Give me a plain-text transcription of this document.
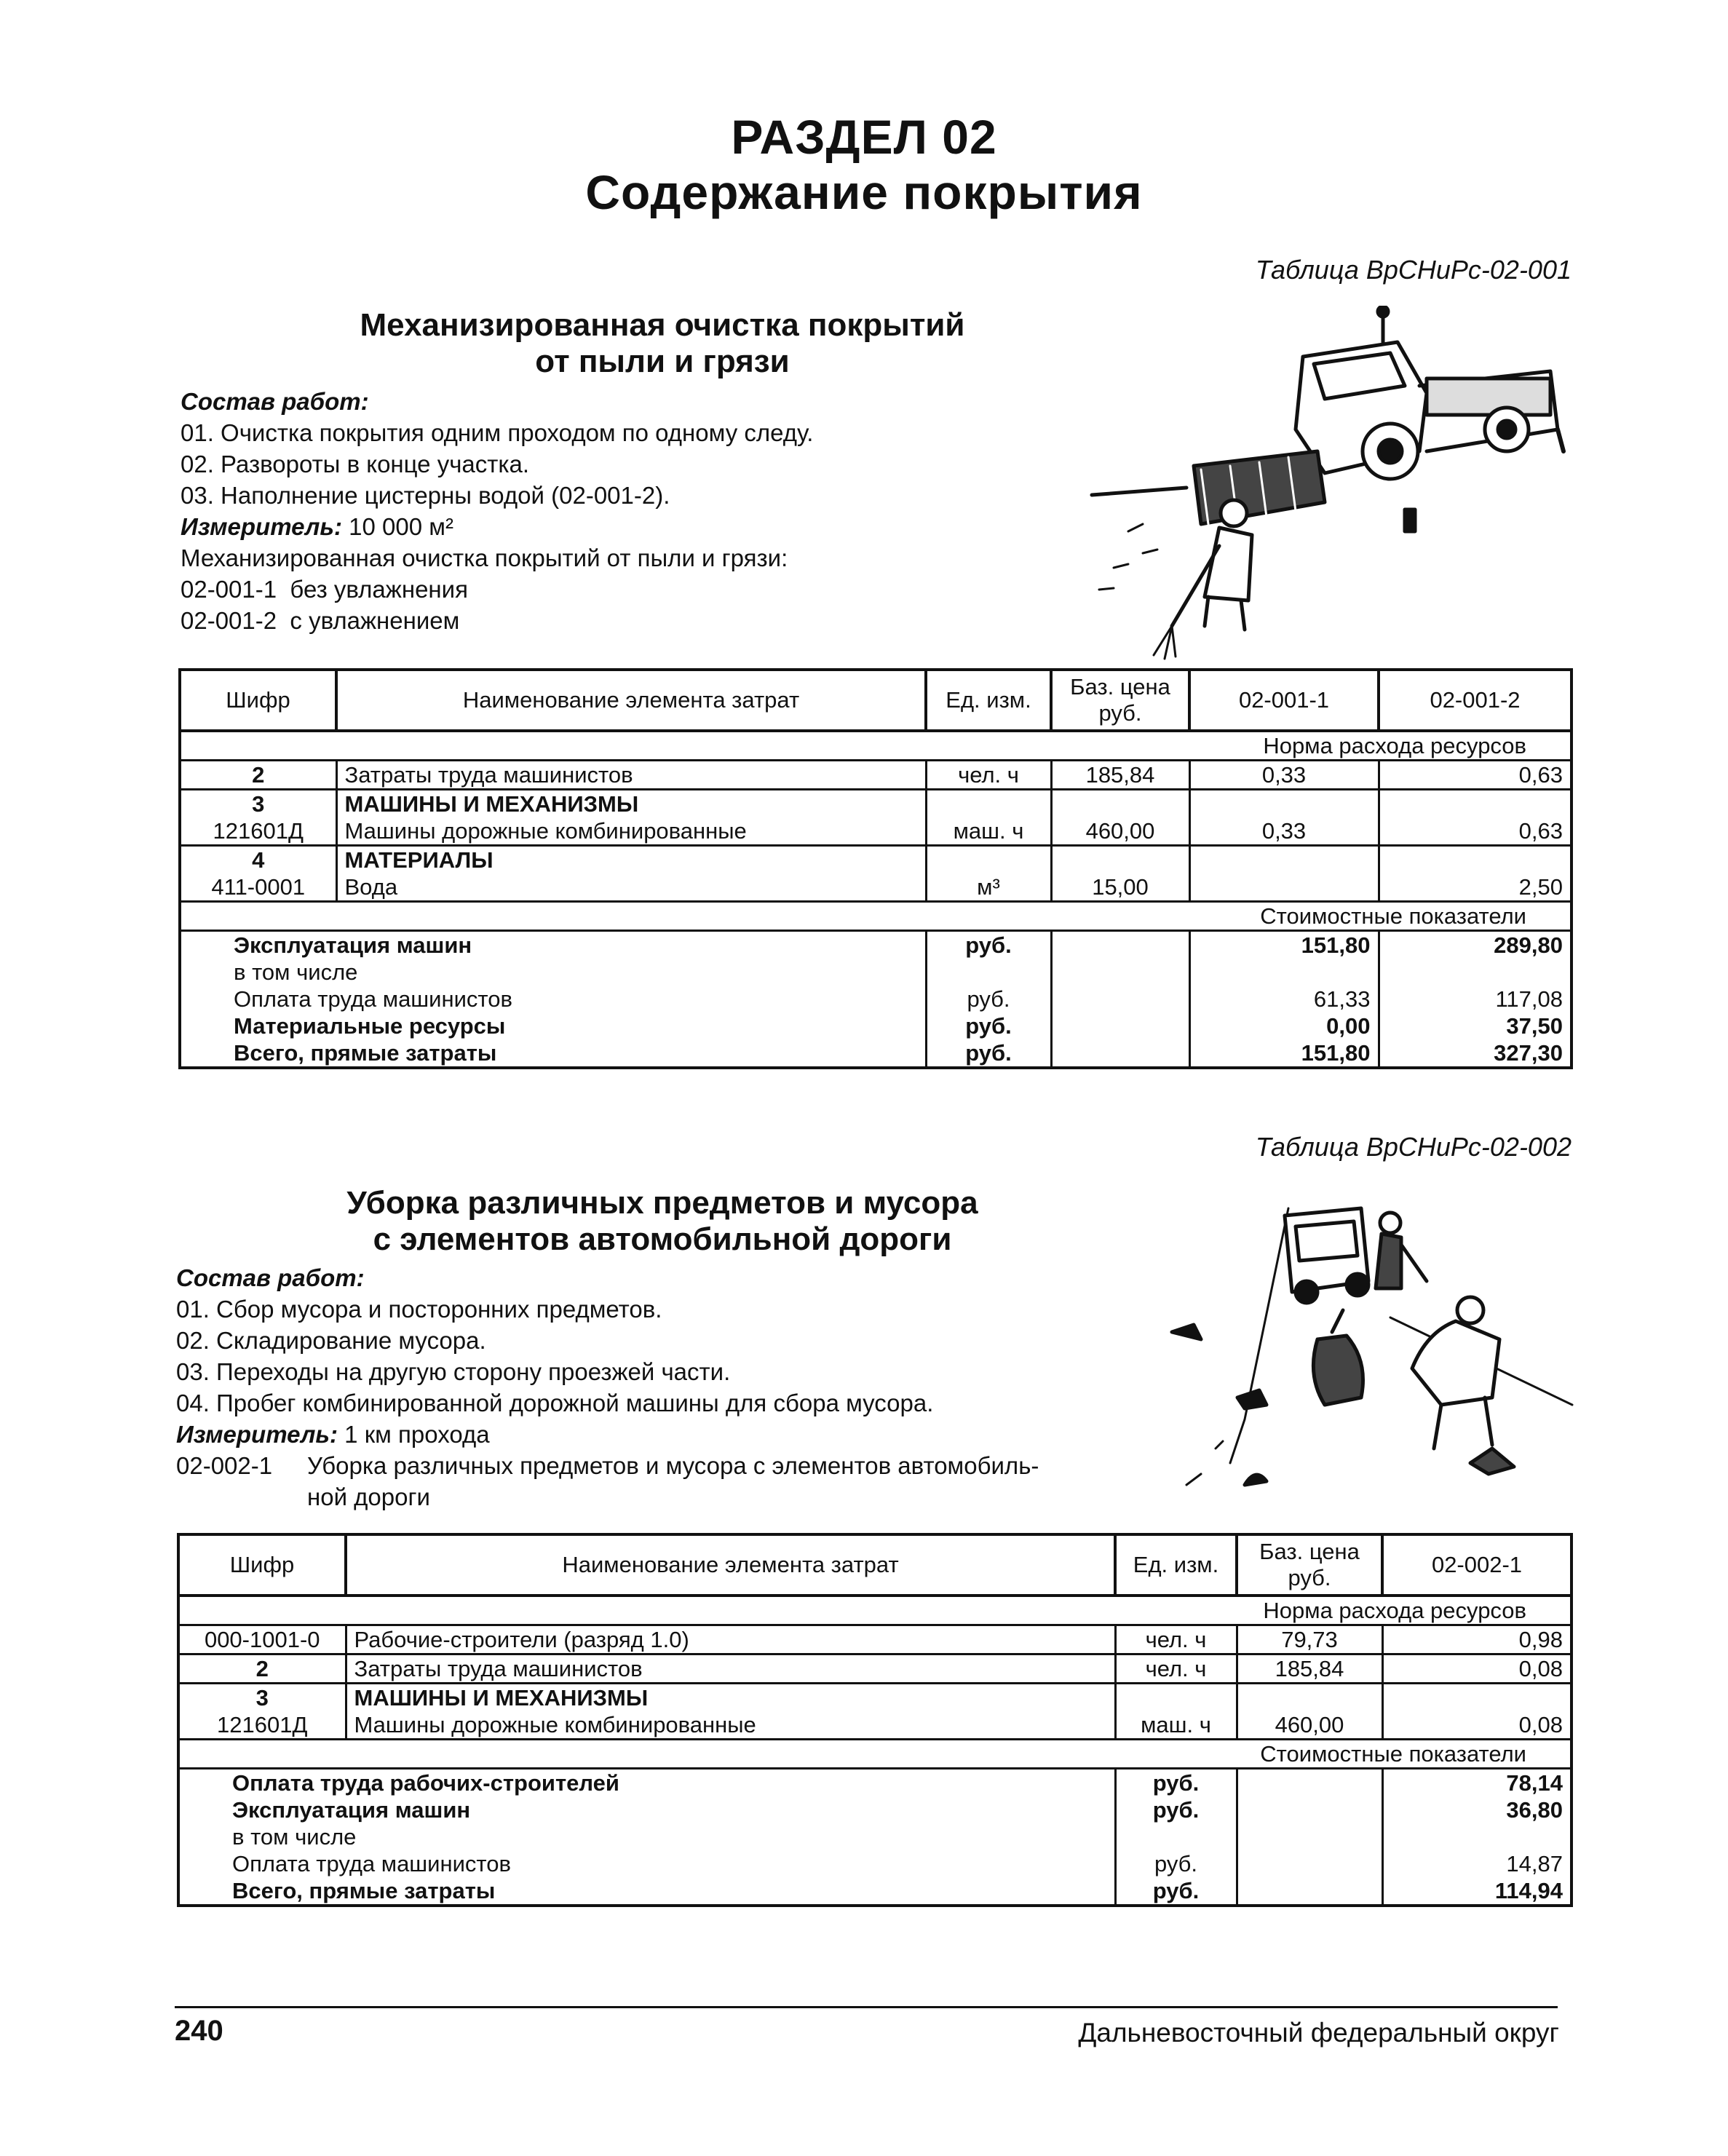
РАЗДЕЛ 02
Содержание покрытия
Таблица ВрСНиРс-02-001
Механизированная очистка покрытий
от пыли и грязи
Состав работ:
01. Очистка покрытия одним проходом по одному следу.
02. Развороты в конце участка.
03. Наполнение цистерны водой (02-001-2).
Измеритель: 10 000 м²
Механизированная очистка покрытий от пыли и грязи:
02-001-1  без увлажнения
02-001-2  с увлажнением
Шифр	Наименование элемента затрат	Ед. изм.	Баз. цена руб.	02-001-1	02-001-2
Норма расхода ресурсов					
2	Затраты труда машинистов	чел. ч	185,84	0,33	0,63
3	МАШИНЫ И МЕХАНИЗМЫ				
121601Д	Машины дорожные комбинированные	маш. ч	460,00	0,33	0,63
4	МАТЕРИАЛЫ				
411-0001	Вода	м³	15,00		2,50
Стоимостные показатели					
Эксплуатация машин		руб.		151,80	289,80
в том числе					
Оплата труда машинистов		руб.		61,33	117,08
Материальные ресурсы		руб.		0,00	37,50
Всего, прямые затраты		руб.		151,80	327,30
Таблица ВрСНиРс-02-002
Уборка различных предметов и мусора
с элементов автомобильной дороги
Состав работ:
01. Сбор мусора и посторонних предметов.
02. Складирование мусора.
03. Переходы на другую сторону проезжей части.
04. Пробег комбинированной дорожной машины для сбора мусора.
Измеритель: 1 км прохода
02-002-1	Уборка различных предметов и мусора с элементов автомобиль-
ной дороги
Шифр	Наименование элемента затрат	Ед. изм.	Баз. цена руб.	02-002-1
Норма расхода ресурсов				
000-1001-0	Рабочие-строители (разряд 1.0)	чел. ч	79,73	0,98
2	Затраты труда машинистов	чел. ч	185,84	0,08
3	МАШИНЫ И МЕХАНИЗМЫ			
121601Д	Машины дорожные комбинированные	маш. ч	460,00	0,08
Стоимостные показатели				
Оплата труда рабочих-строителей		руб.		78,14
Эксплуатация машин		руб.		36,80
в том числе				
Оплата труда машинистов		руб.		14,87
Всего, прямые затраты		руб.		114,94
240	Дальневосточный федеральный округ
